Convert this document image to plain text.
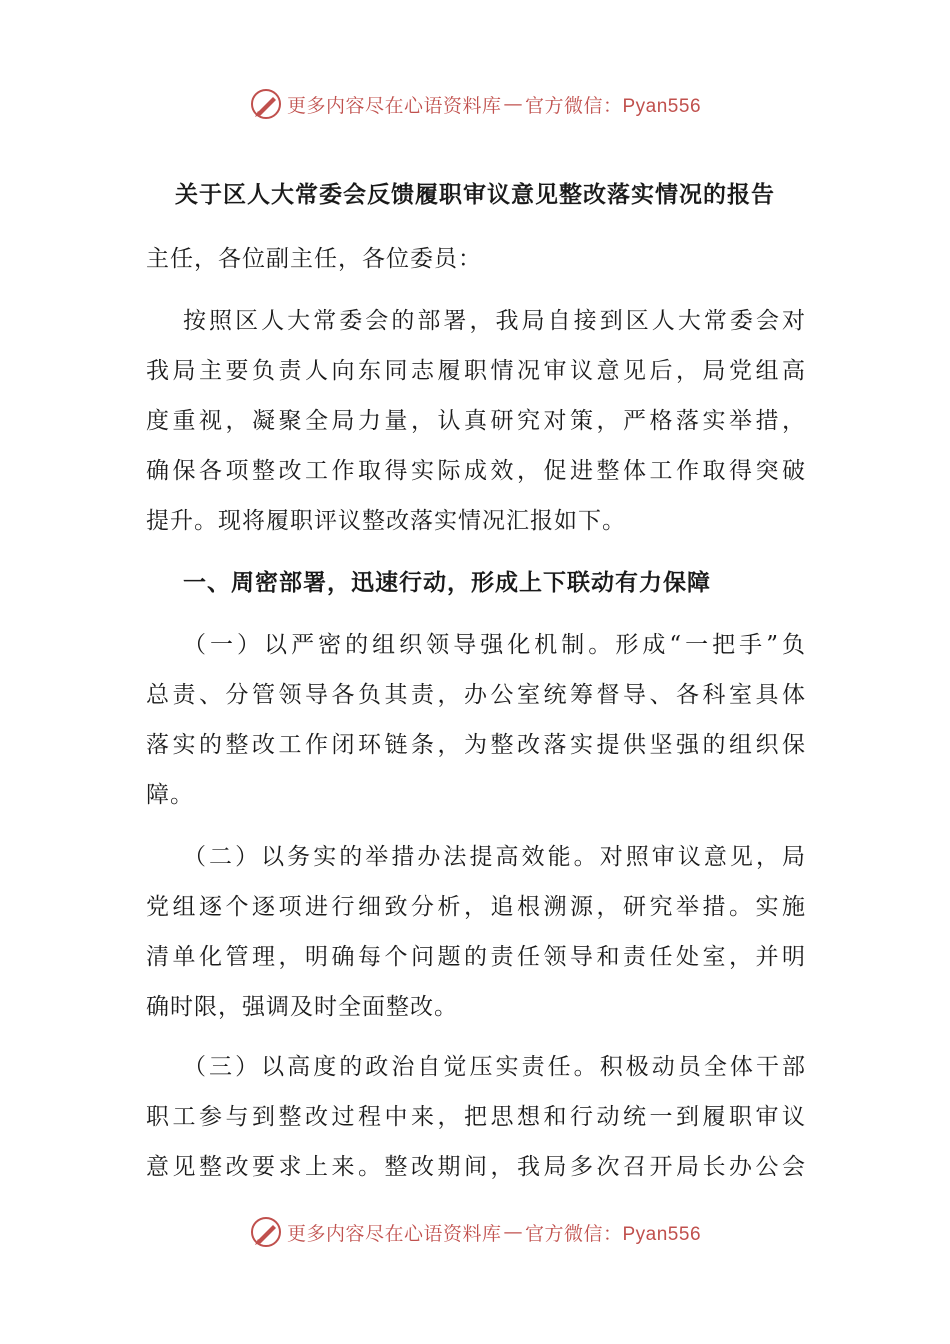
更多内容尽在心语资料库 — 官方微信：Pyan556
关于区人大常委会反馈履职审议意见整改落实情况的报告
主任，各位副主任，各位委员：
按照区人大常委会的部署，我局自接到区人大常委会对
我局主要负责人向东同志履职情况审议意见后，局党组高
度重视，凝聚全局力量，认真研究对策，严格落实举措，
确保各项整改工作取得实际成效，促进整体工作取得突破
提升。现将履职评议整改落实情况汇报如下。
一、周密部署，迅速行动，形成上下联动有力保障
（一）以严密的组织领导强化机制。形成“一把手”负
总责、分管领导各负其责，办公室统筹督导、各科室具体
落实的整改工作闭环链条，为整改落实提供坚强的组织保
障。
（二）以务实的举措办法提高效能。对照审议意见，局
党组逐个逐项进行细致分析，追根溯源，研究举措。实施
清单化管理，明确每个问题的责任领导和责任处室，并明
确时限，强调及时全面整改。
（三）以高度的政治自觉压实责任。积极动员全体干部
职工参与到整改过程中来，把思想和行动统一到履职审议
意见整改要求上来。整改期间，我局多次召开局长办公会
更多内容尽在心语资料库 — 官方微信：Pyan556
